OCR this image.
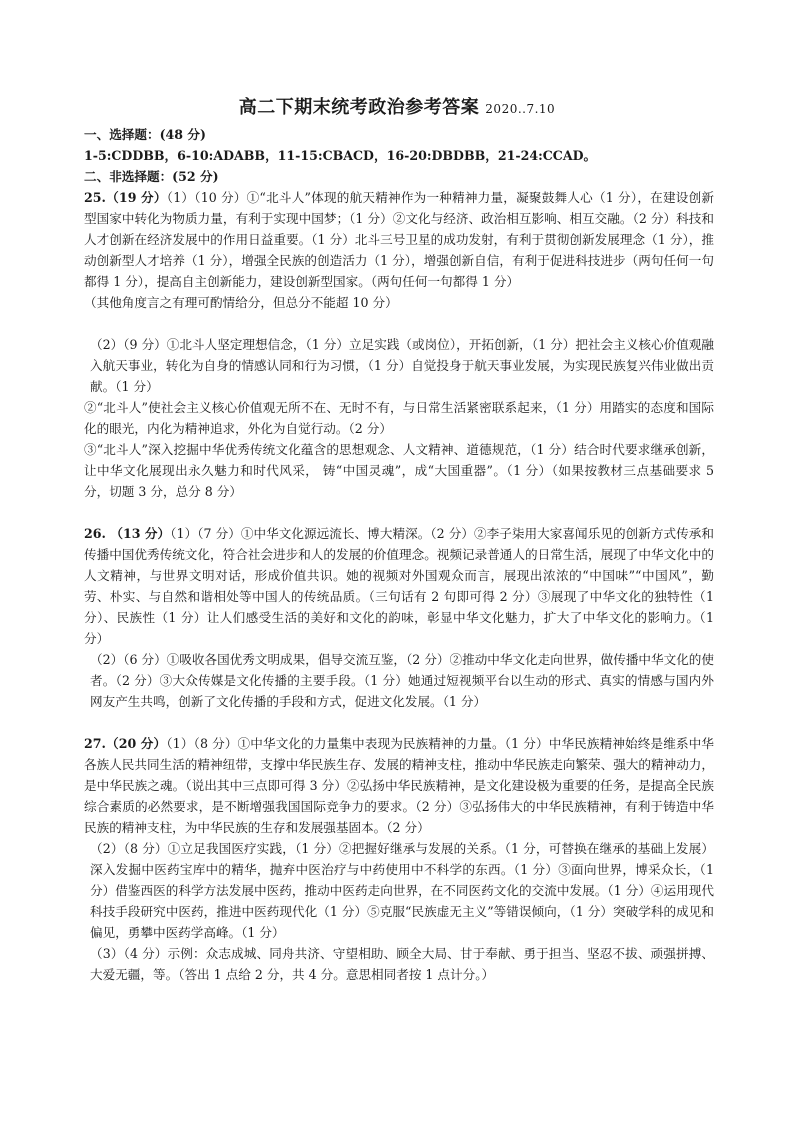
高二下期末统考政治参考答案 2020..7.10

一、选择题：(48 分)

1-5:CDDBB，6-10:ADABB，11-15:CBACD，16-20:DBDBB，21-24:CCAD。

二、非选择题：(52 分)

25.（19 分）（1）（10 分）①“北斗人”体现的航天精神作为一种精神力量，凝聚鼓舞人心（1 分），在建设创新型国家中转化为物质力量，有利于实现中国梦；（1 分）②文化与经济、政治相互影响、相互交融。（2 分）科技和人才创新在经济发展中的作用日益重要。（1 分）北斗三号卫星的成功发射，有利于贯彻创新发展理念（1 分），推动创新型人才培养（1 分），增强全民族的创造活力（1 分），增强创新自信，有利于促进科技进步（两句任何一句都得 1 分），提高自主创新能力，建设创新型国家。（两句任何一句都得 1 分）

（其他角度言之有理可酌情给分，但总分不能超 10 分）

（2）（9 分）①北斗人坚定理想信念，（1 分）立足实践（或岗位），开拓创新，（1 分）把社会主义核心价值观融入航天事业，转化为自身的情感认同和行为习惯，（1 分）自觉投身于航天事业发展，为实现民族复兴伟业做出贡献。（1 分）

②“北斗人”使社会主义核心价值观无所不在、无时不有，与日常生活紧密联系起来，（1 分）用踏实的态度和国际化的眼光，内化为精神追求，外化为自觉行动。（2 分）

③“北斗人”深入挖掘中华优秀传统文化蕴含的思想观念、人文精神、道德规范，（1 分）结合时代要求继承创新，让中华文化展现出永久魅力和时代风采， 铸“中国灵魂”，成“大国重器”。（1 分）（如果按教材三点基础要求 5 分，切题 3 分，总分 8 分）

26. （13 分）（1）（7 分）①中华文化源远流长、博大精深。（2 分）②李子柒用大家喜闻乐见的创新方式传承和传播中国优秀传统文化，符合社会进步和人的发展的价值理念。视频记录普通人的日常生活，展现了中华文化中的人文精神，与世界文明对话，形成价值共识。她的视频对外国观众而言，展现出浓浓的“中国味”“中国风”，勤劳、朴实、与自然和谐相处等中国人的传统品质。（三句话有 2 句即可得 2 分）③展现了中华文化的独特性（1 分）、民族性（1 分）让人们感受生活的美好和文化的韵味，彰显中华文化魅力，扩大了中华文化的影响力。（1 分）

（2）（6 分）①吸收各国优秀文明成果，倡导交流互鉴，（2 分）②推动中华文化走向世界，做传播中华文化的使者。（2 分）③大众传媒是文化传播的主要手段。（1 分）她通过短视频平台以生动的形式、真实的情感与国内外网友产生共鸣，创新了文化传播的手段和方式，促进文化发展。（1 分）

27.（20 分）（1）（8 分）①中华文化的力量集中表现为民族精神的力量。（1 分）中华民族精神始终是维系中华各族人民共同生活的精神纽带，支撑中华民族生存、发展的精神支柱，推动中华民族走向繁荣、强大的精神动力，是中华民族之魂。（说出其中三点即可得 3 分）②弘扬中华民族精神，是文化建设极为重要的任务，是提高全民族综合素质的必然要求，是不断增强我国国际竞争力的要求。（2 分）③弘扬伟大的中华民族精神，有利于铸造中华民族的精神支柱，为中华民族的生存和发展强基固本。（2 分）

（2）（8 分）①立足我国医疗实践，（1 分）②把握好继承与发展的关系。（1 分，可替换在继承的基础上发展）深入发掘中医药宝库中的精华，抛弃中医治疗与中药使用中不科学的东西。（1 分）③面向世界，博采众长，（1 分）借鉴西医的科学方法发展中医药，推动中医药走向世界，在不同医药文化的交流中发展。（1 分）④运用现代科技手段研究中医药，推进中医药现代化（1 分）⑤克服“民族虚无主义”等错误倾向，（1 分）突破学科的成见和偏见，勇攀中医药学高峰。（1 分）

（3）（4 分）示例：众志成城、同舟共济、守望相助、顾全大局、甘于奉献、勇于担当、坚忍不拔、顽强拼搏、大爱无疆，等。（答出 1 点给 2 分，共 4 分。意思相同者按 1 点计分。）
